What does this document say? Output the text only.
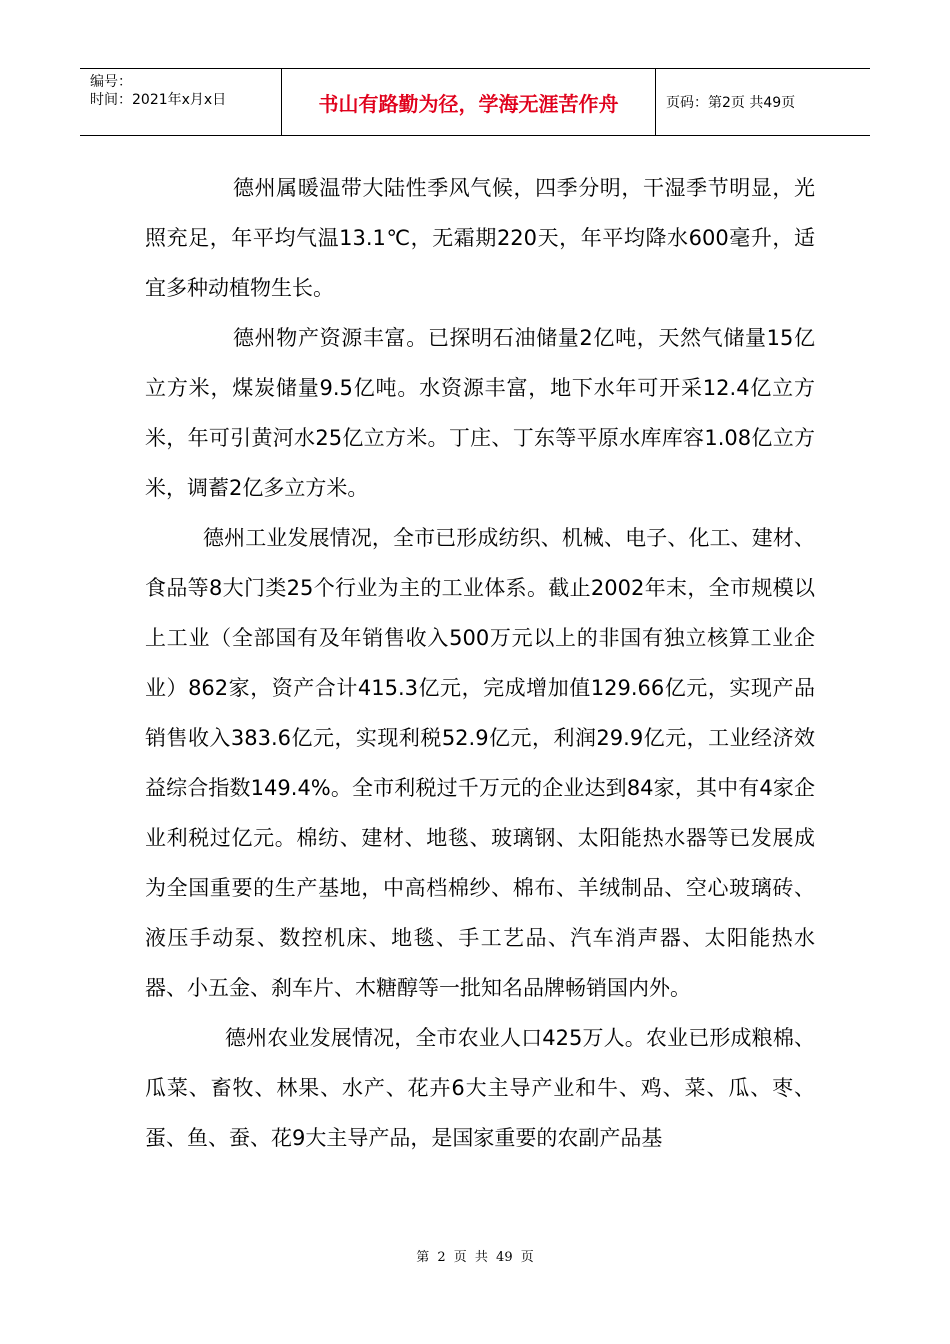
编号：
时间：2021年x月x日	书山有路勤为径，学海无涯苦作舟	页码：第2页 共49页

德州属暖温带大陆性季风气候，四季分明，干湿季节明显，光照充足，年平均气温13.1℃，无霜期220天，年平均降水600毫升，适宜多种动植物生长。

德州物产资源丰富。已探明石油储量2亿吨，天然气储量15亿立方米，煤炭储量9.5亿吨。水资源丰富，地下水年可开采12.4亿立方米，年可引黄河水25亿立方米。丁庄、丁东等平原水库库容1.08亿立方米，调蓄2亿多立方米。

德州工业发展情况，全市已形成纺织、机械、电子、化工、建材、食品等8大门类25个行业为主的工业体系。截止2002年末，全市规模以上工业（全部国有及年销售收入500万元以上的非国有独立核算工业企业）862家，资产合计415.3亿元，完成增加值129.66亿元，实现产品销售收入383.6亿元，实现利税52.9亿元，利润29.9亿元，工业经济效益综合指数149.4%。全市利税过千万元的企业达到84家，其中有4家企业利税过亿元。棉纺、建材、地毯、玻璃钢、太阳能热水器等已发展成为全国重要的生产基地，中高档棉纱、棉布、羊绒制品、空心玻璃砖、液压手动泵、数控机床、地毯、手工艺品、汽车消声器、太阳能热水器、小五金、刹车片、木糖醇等一批知名品牌畅销国内外。

德州农业发展情况，全市农业人口425万人。农业已形成粮棉、瓜菜、畜牧、林果、水产、花卉6大主导产业和牛、鸡、菜、瓜、枣、蛋、鱼、蚕、花9大主导产品，是国家重要的农副产品基

第 2 页 共 49 页
